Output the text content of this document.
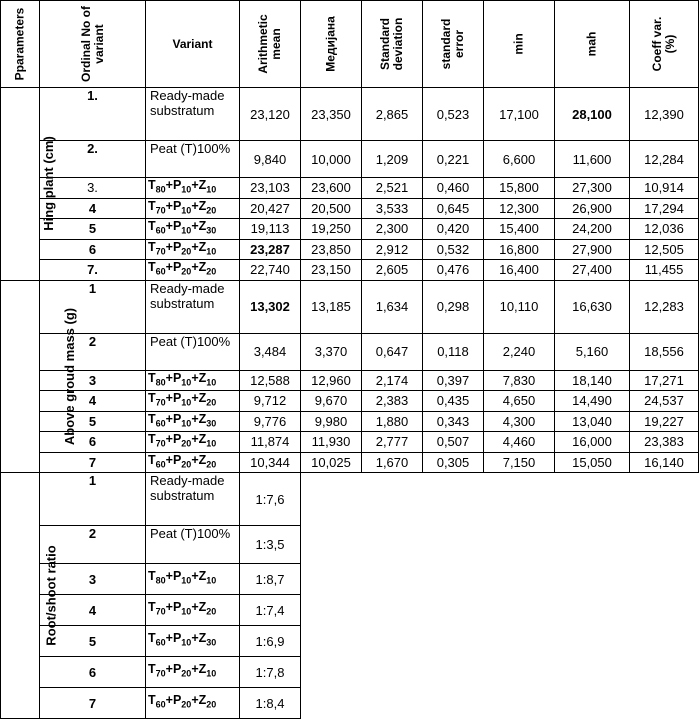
Pparameters	Ordinal No of variant	Variant	Arithmetic mean	Медијана	Standard deviation	standard error	min	mah	Coeff var. (%)

Hing plant (cm)	1.	Ready-made substratum	23,120	23,350	2,865	0,523	17,100	28,100	12,390
	2.	Peat (T)100%	9,840	10,000	1,209	0,221	6,600	11,600	12,284
	3.	$T_{80}+P_{10}+Z_{10}$	23,103	23,600	2,521	0,460	15,800	27,300	10,914
	4	$T_{70}+P_{10}+Z_{20}$	20,427	20,500	3,533	0,645	12,300	26,900	17,294
	5	$T_{60}+P_{10}+Z_{30}$	19,113	19,250	2,300	0,420	15,400	24,200	12,036
	6	$T_{70}+P_{20}+Z_{10}$	23,287	23,850	2,912	0,532	16,800	27,900	12,505
	7.	$T_{60}+P_{20}+Z_{20}$	22,740	23,150	2,605	0,476	16,400	27,400	11,455
Above groud mass (g)	1	Ready-made substratum	13,302	13,185	1,634	0,298	10,110	16,630	12,283
	2	Peat (T)100%	3,484	3,370	0,647	0,118	2,240	5,160	18,556
	3	$T_{80}+P_{10}+Z_{10}$	12,588	12,960	2,174	0,397	7,830	18,140	17,271
	4	$T_{70}+P_{10}+Z_{20}$	9,712	9,670	2,383	0,435	4,650	14,490	24,537
	5	$T_{60}+P_{10}+Z_{30}$	9,776	9,980	1,880	0,343	4,300	13,040	19,227
	6	$T_{70}+P_{20}+Z_{10}$	11,874	11,930	2,777	0,507	4,460	16,000	23,383
	7	$T_{60}+P_{20}+Z_{20}$	10,344	10,025	1,670	0,305	7,150	15,050	16,140
Root/shoot ratio	1	Ready-made substratum	1:7,6						
	2	Peat (T)100%	1:3,5						
	3	$T_{80}+P_{10}+Z_{10}$	1:8,7						
	4	$T_{70}+P_{10}+Z_{20}$	1:7,4						
	5	$T_{60}+P_{10}+Z_{30}$	1:6,9						
	6	$T_{70}+P_{20}+Z_{10}$	1:7,8						
	7	$T_{60}+P_{20}+Z_{20}$	1:8,4						
